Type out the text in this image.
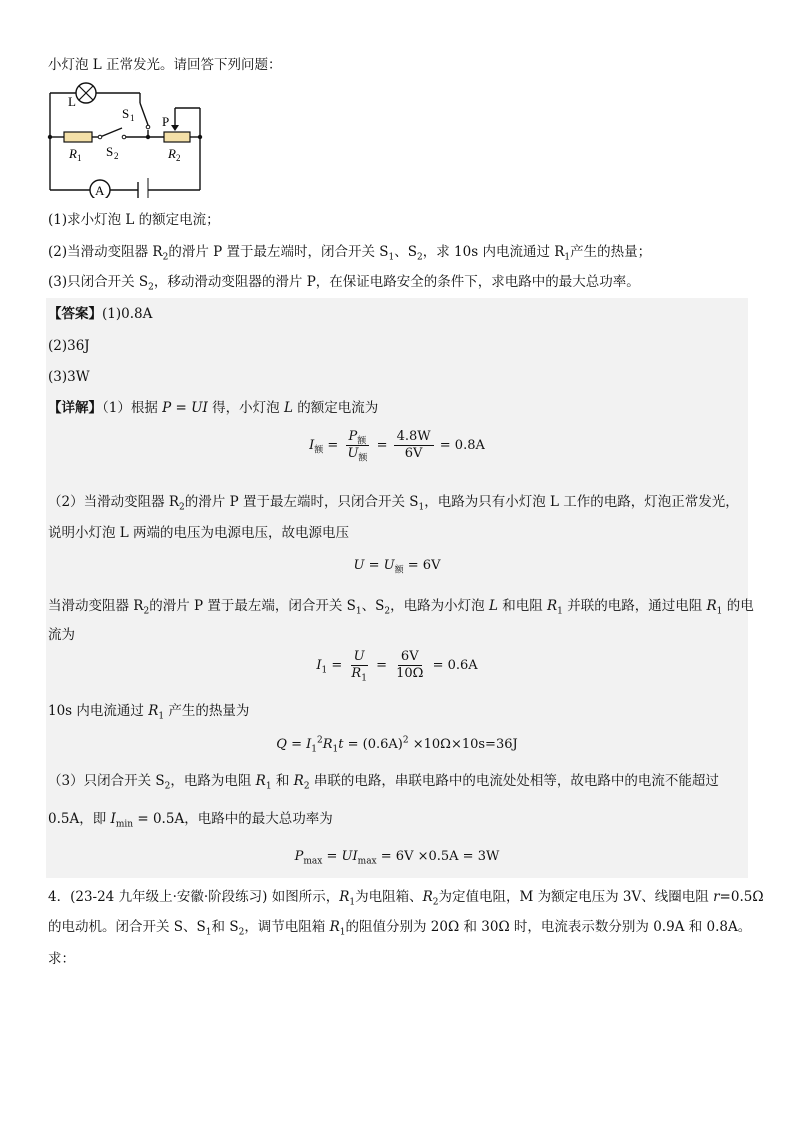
小灯泡 L 正常发光。请回答下列问题：
A
L
S 1 P
R 1 S 2	R 2
(1)求小灯泡 L 的额定电流；
(2)当滑动变阻器 $R_2$的滑片 P 置于最左端时，闭合开关 $S_1$、$S_2$，求 10s 内电流通过 $R_1$产生的热量；
(3)只闭合开关 $S_2$，移动滑动变阻器的滑片 P，在保证电路安全的条件下，求电路中的最大总功率。
【答案】(1)0.8A
(2)36J
(3)3W
【详解】（1）根据 P = UI 得，小灯泡 L 的额定电流为
$I_额 = \frac{P_额}{U_额} = \frac{4.8W}{6V} = 0.8A$
（2）当滑动变阻器 $R_2$的滑片 P 置于最左端时，只闭合开关 $S_1$，电路为只有小灯泡 L 工作的电路，灯泡正常发光，
说明小灯泡 L 两端的电压为电源电压，故电源电压
$U = U_额 = 6V$
当滑动变阻器 $R_2$的滑片 P 置于最左端，闭合开关 $S_1$、$S_2$，电路为小灯泡 L 和电阻 $R_1$ 并联的电路，通过电阻 $R_1$ 的电
流为
$I_1 = \frac{U}{R_1} = \frac{6V}{10\Omega} = 0.6A$
10s 内电流通过 $R_1$ 产生的热量为
$Q = I_1^2R_1t = (0.6A)^2 \times 10\Omega\times 10s=36J$
（3）只闭合开关 $S_2$，电路为电阻 $R_1$ 和 $R_2$ 串联的电路，串联电路中的电流处处相等，故电路中的电流不能超过
0.5A，即 $I_{min} = 0.5A$，电路中的最大总功率为
$P_{max} = UI_{max} = 6V \times 0.5A = 3W$
4．(23-24 九年级上·安徽·阶段练习) 如图所示，$R_1$为电阻箱、$R_2$为定值电阻，M 为额定电压为 3V、线圈电阻 r=0.5Ω
的电动机。闭合开关 S、$S_1$和 $S_2$，调节电阻箱 $R_1$的阻值分别为 20Ω 和 30Ω 时，电流表示数分别为 0.9A 和 0.8A。
求：
